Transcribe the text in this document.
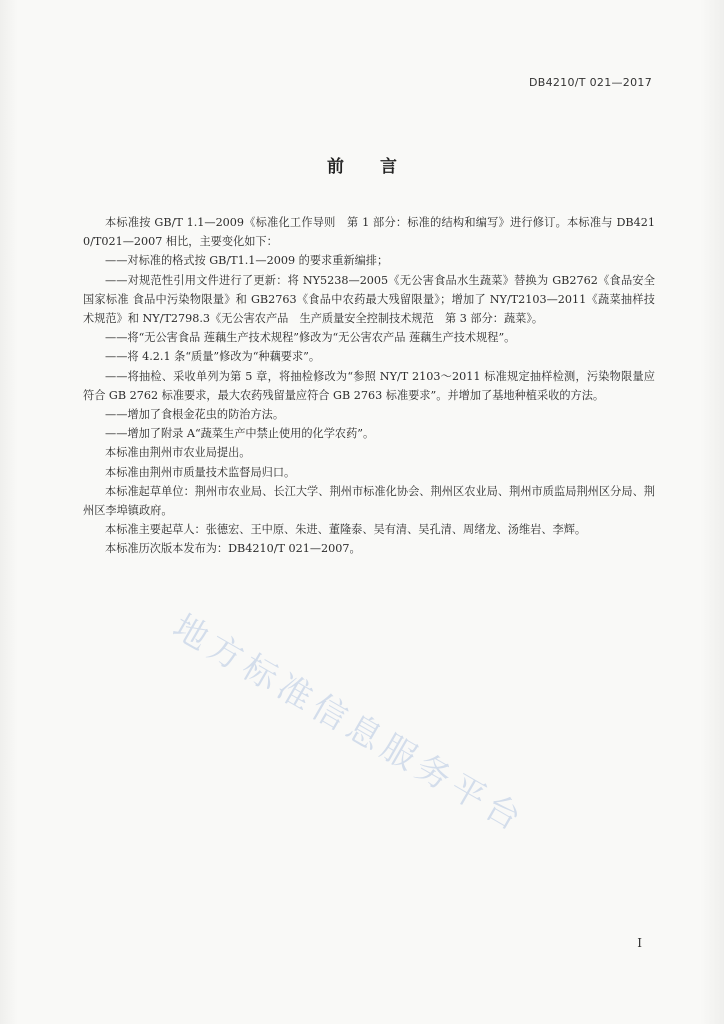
DB4210/T 021—2017
前言

本标准按 GB/T 1.1—2009《标准化工作导则　第 1 部分：标准的结构和编写》进行修订。本标准与 DB4210/T021—2007 相比，主要变化如下：

——对标准的格式按 GB/T1.1—2009 的要求重新编排；

——对规范性引用文件进行了更新：将 NY5238—2005《无公害食品水生蔬菜》替换为 GB2762《食品安全国家标准 食品中污染物限量》和 GB2763《食品中农药最大残留限量》；增加了 NY/T2103—2011《蔬菜抽样技术规范》和 NY/T2798.3《无公害农产品　生产质量安全控制技术规范　第 3 部分：蔬菜》。

——将“无公害食品 莲藕生产技术规程”修改为“无公害农产品 莲藕生产技术规程”。

——将 4.2.1 条“质量”修改为“种藕要求”。

——将抽检、采收单列为第 5 章，将抽检修改为“参照 NY/T 2103～2011 标准规定抽样检测，污染物限量应符合 GB 2762 标准要求，最大农药残留量应符合 GB 2763 标准要求”。并增加了基地种植采收的方法。

——增加了食根金花虫的防治方法。

——增加了附录 A“蔬菜生产中禁止使用的化学农药”。

本标准由荆州市农业局提出。

本标准由荆州市质量技术监督局归口。

本标准起草单位：荆州市农业局、长江大学、荆州市标准化协会、荆州区农业局、荆州市质监局荆州区分局、荆州区李埠镇政府。

本标准主要起草人：张德宏、王中原、朱进、董隆泰、吴有清、吴孔清、周绪龙、汤维岩、李辉。

本标准历次版本发布为：DB4210/T 021—2007。

地方标准信息服务平台
I
